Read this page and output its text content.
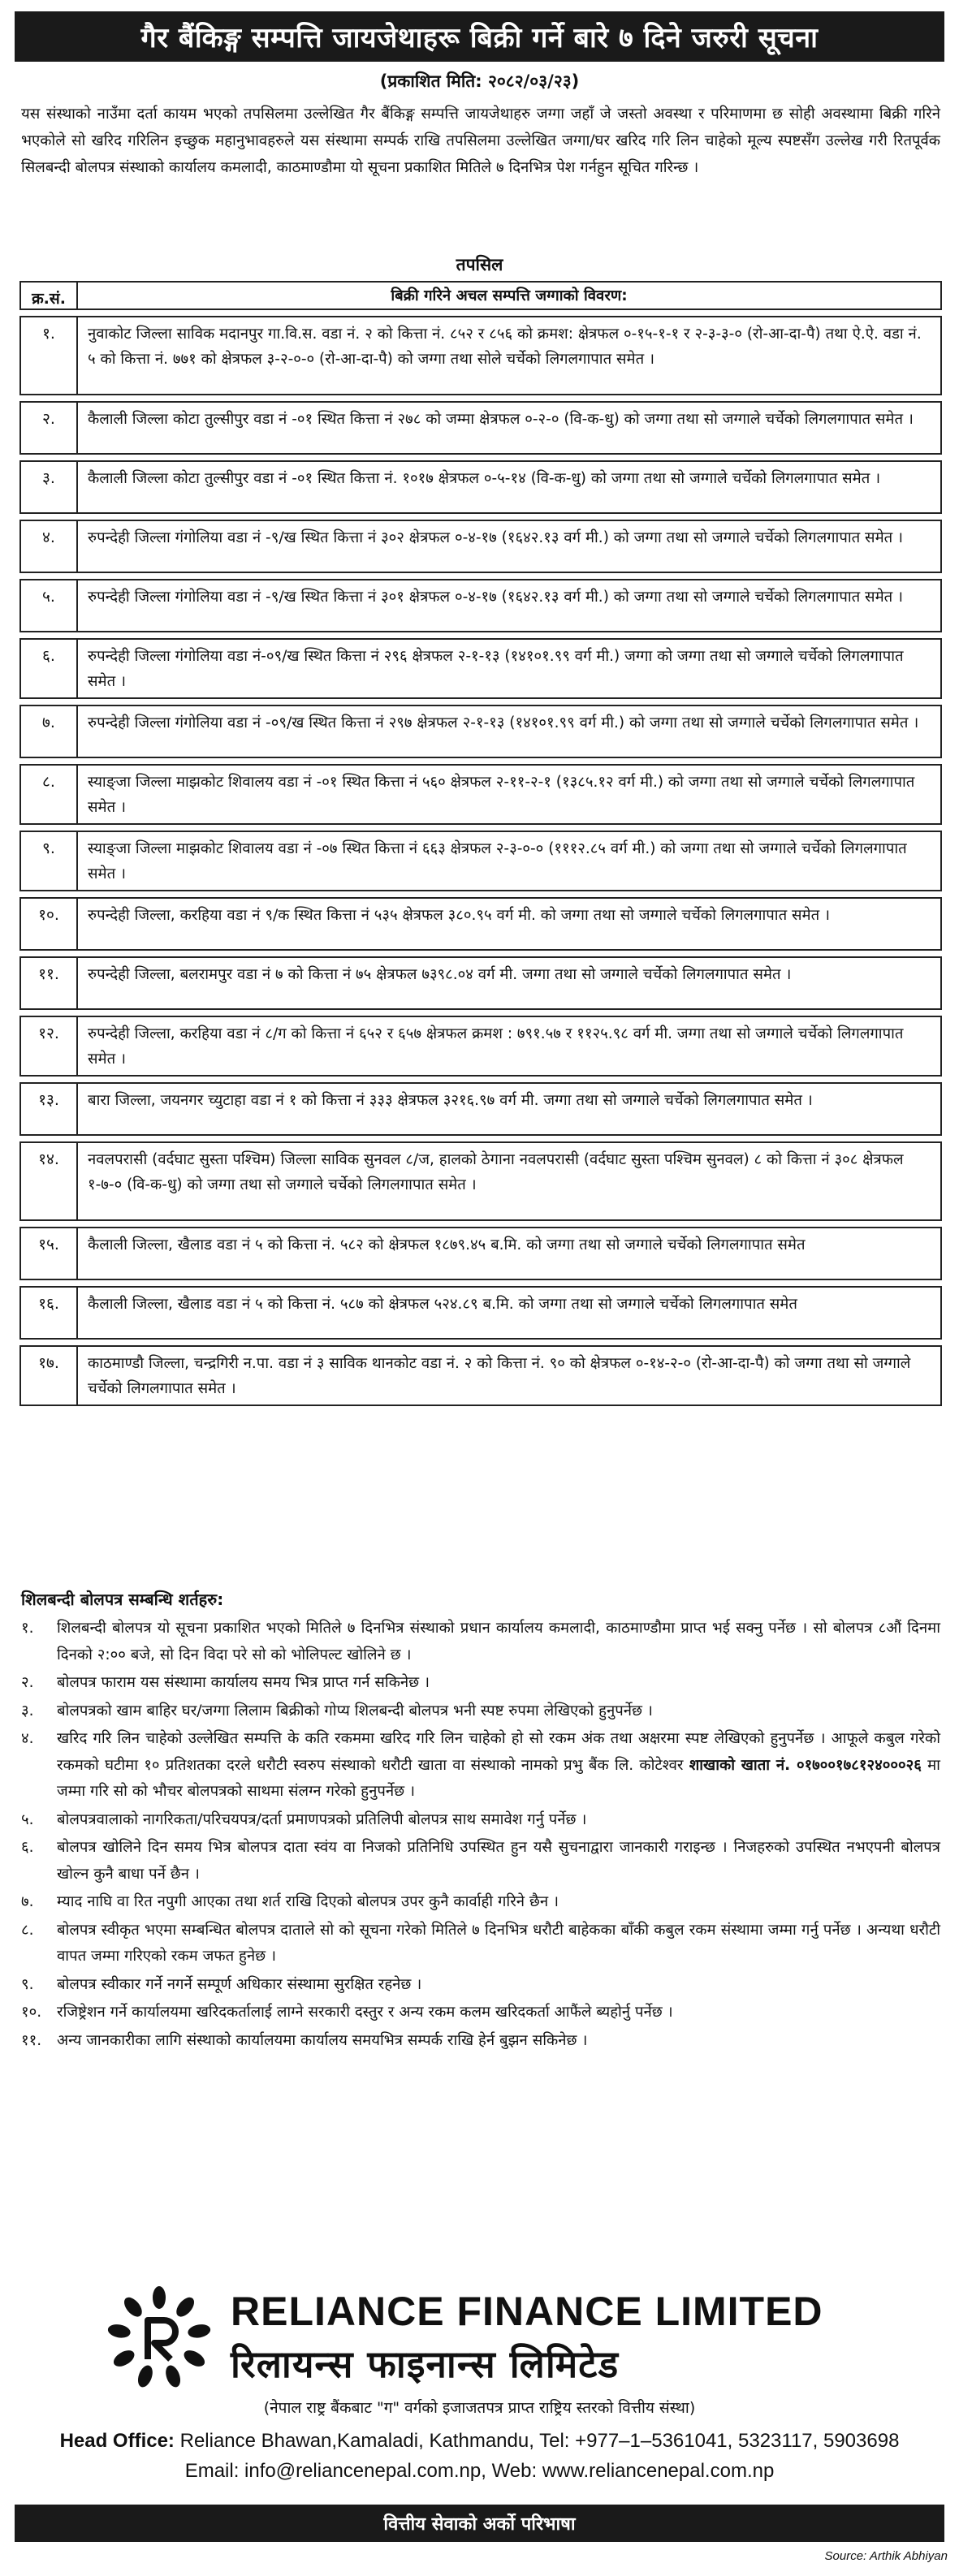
गैर बैंकिङ्ग सम्पत्ति जायजेथाहरू बिक्री गर्ने बारे ७ दिने जरुरी सूचना
(प्रकाशित मिति: २०८२/०३/२३)
यस संस्थाको नाउँमा दर्ता कायम भएको तपसिलमा उल्लेखित गैर बैंकिङ्ग सम्पत्ति जायजेथाहरु जग्गा जहाँ जे जस्तो अवस्था र परिमाणमा छ सोही अवस्थामा बिक्री गरिने भएकोले सो खरिद गरिलिन इच्छुक महानुभावहरुले यस संस्थामा सम्पर्क राखि तपसिलमा उल्लेखित जग्गा/घर खरिद गरि लिन चाहेको मूल्य स्पष्टसँग उल्लेख गरी रितपूर्वक सिलबन्दी बोलपत्र संस्थाको कार्यालय कमलादी, काठमाण्डौमा यो सूचना प्रकाशित मितिले ७ दिनभित्र पेश गर्नहुन सूचित गरिन्छ ।
तपसिल
क्र.सं.	बिक्री गरिने अचल सम्पत्ति जग्गाको विवरण:
१.	नुवाकोट जिल्ला साविक मदानपुर गा.वि.स. वडा नं. २ को कित्ता नं. ८५२ र ८५६ को क्रमश: क्षेत्रफल ०-१५-१-१ र २-३-३-० (रो-आ-दा-पै) तथा ऐ.ऐ. वडा नं. ५ को कित्ता नं. ७७१ को क्षेत्रफल ३-२-०-० (रो-आ-दा-पै) को जग्गा तथा सोले चर्चेको लिगलगापात समेत ।
२.	कैलाली जिल्ला कोटा तुल्सीपुर वडा नं -०१ स्थित कित्ता नं २७८ को जम्मा क्षेत्रफल ०-२-० (वि-क-धु) को जग्गा तथा सो जग्गाले चर्चेको लिगलगापात समेत ।
३.	कैलाली जिल्ला कोटा तुल्सीपुर वडा नं -०१ स्थित कित्ता नं. १०१७ क्षेत्रफल ०-५-१४ (वि-क-धु) को जग्गा तथा सो जग्गाले चर्चेको लिगलगापात समेत ।
४.	रुपन्देही जिल्ला गंगोलिया वडा नं -९/ख स्थित कित्ता नं ३०२ क्षेत्रफल ०-४-१७ (१६४२.१३ वर्ग मी.) को जग्गा तथा सो जग्गाले चर्चेको लिगलगापात समेत ।
५.	रुपन्देही जिल्ला गंगोलिया वडा नं -९/ख स्थित कित्ता नं ३०१ क्षेत्रफल ०-४-१७ (१६४२.१३ वर्ग मी.) को जग्गा तथा सो जग्गाले चर्चेको लिगलगापात समेत ।
६.	रुपन्देही जिल्ला गंगोलिया वडा नं-०९/ख स्थित कित्ता नं २९६ क्षेत्रफल २-१-१३ (१४१०१.९९ वर्ग मी.) जग्गा को जग्गा तथा सो जग्गाले चर्चेको लिगलगापात समेत ।
७.	रुपन्देही जिल्ला गंगोलिया वडा नं -०९/ख स्थित कित्ता नं २९७ क्षेत्रफल २-१-१३ (१४१०१.९९ वर्ग मी.) को जग्गा तथा सो जग्गाले चर्चेको लिगलगापात समेत ।
८.	स्याङ्जा जिल्ला माझकोट शिवालय वडा नं -०१ स्थित कित्ता नं ५६० क्षेत्रफल २-११-२-१ (१३८५.१२ वर्ग मी.) को जग्गा तथा सो जग्गाले चर्चेको लिगलगापात समेत ।
९.	स्याङ्जा जिल्ला माझकोट शिवालय वडा नं -०७ स्थित कित्ता नं ६६३ क्षेत्रफल २-३-०-० (१११२.८५ वर्ग मी.) को जग्गा तथा सो जग्गाले चर्चेको लिगलगापात समेत ।
१०.	रुपन्देही जिल्ला, करहिया वडा नं ९/क स्थित कित्ता नं ५३५ क्षेत्रफल ३८०.९५ वर्ग मी. को जग्गा तथा सो जग्गाले चर्चेको लिगलगापात समेत ।
११.	रुपन्देही जिल्ला, बलरामपुर वडा नं ७ को कित्ता नं ७५ क्षेत्रफल ७३९८.०४ वर्ग मी. जग्गा तथा सो जग्गाले चर्चेको लिगलगापात समेत ।
१२.	रुपन्देही जिल्ला, करहिया वडा नं ८/ग को कित्ता नं ६५२ र ६५७ क्षेत्रफल क्रमश : ७९१.५७ र ११२५.९८ वर्ग मी. जग्गा तथा सो जग्गाले चर्चेको लिगलगापात समेत ।
१३.	बारा जिल्ला, जयनगर च्युटाहा वडा नं १ को कित्ता नं ३३३ क्षेत्रफल ३२१६.९७ वर्ग मी. जग्गा तथा सो जग्गाले चर्चेको लिगलगापात समेत ।
१४.	नवलपरासी (वर्दघाट सुस्ता पश्चिम) जिल्ला साविक सुनवल ८/ज, हालको ठेगाना नवलपरासी (वर्दघाट सुस्ता पश्चिम सुनवल) ८ को कित्ता नं ३०८ क्षेत्रफल १-७-० (वि-क-धु) को जग्गा तथा सो जग्गाले चर्चेको लिगलगापात समेत ।
१५.	कैलाली जिल्ला, खैलाड वडा नं ५ को कित्ता नं. ५८२ को क्षेत्रफल १८७९.४५ ब.मि. को जग्गा तथा सो जग्गाले चर्चेको लिगलगापात समेत
१६.	कैलाली जिल्ला, खैलाड वडा नं ५ को कित्ता नं. ५८७ को क्षेत्रफल ५२४.८९ ब.मि. को जग्गा तथा सो जग्गाले चर्चेको लिगलगापात समेत
१७.	काठमाण्डौ जिल्ला, चन्द्रगिरी न.पा. वडा नं ३ साविक थानकोट वडा नं. २ को कित्ता नं. ९० को क्षेत्रफल ०-१४-२-० (रो-आ-दा-पै) को जग्गा तथा सो जग्गाले चर्चेको लिगलगापात समेत ।
शिलबन्दी बोलपत्र सम्बन्धि शर्तहरु:
१.	शिलबन्दी बोलपत्र यो सूचना प्रकाशित भएको मितिले ७ दिनभित्र संस्थाको प्रधान कार्यालय कमलादी, काठमाण्डौमा प्राप्त भई सक्नु पर्नेछ । सो बोलपत्र ८औं दिनमा दिनको २:०० बजे, सो दिन विदा परे सो को भोलिपल्ट खोलिने छ ।
२.	बोलपत्र फाराम यस संस्थामा कार्यालय समय भित्र प्राप्त गर्न सकिनेछ ।
३.	बोलपत्रको खाम बाहिर घर/जग्गा लिलाम बिक्रीको गोप्य शिलबन्दी बोलपत्र भनी स्पष्ट रुपमा लेखिएको हुनुपर्नेछ ।
४.	खरिद गरि लिन चाहेको उल्लेखित सम्पत्ति के कति रकममा खरिद गरि लिन चाहेको हो सो रकम अंक तथा अक्षरमा स्पष्ट लेखिएको हुनुपर्नेछ । आफूले कबुल गरेको रकमको घटीमा १० प्रतिशतका दरले धरौटी स्वरुप संस्थाको धरौटी खाता वा संस्थाको नामको प्रभु बैंक लि. कोटेश्वर शाखाको खाता नं. ०१७००१७८१२४०००२६ मा जम्मा गरि सो को भौचर बोलपत्रको साथमा संलग्न गरेको हुनुपर्नेछ ।
५.	बोलपत्रवालाको नागरिकता/परिचयपत्र/दर्ता प्रमाणपत्रको प्रतिलिपी बोलपत्र साथ समावेश गर्नु पर्नेछ ।
६.	बोलपत्र खोलिने दिन समय भित्र बोलपत्र दाता स्वंय वा निजको प्रतिनिधि उपस्थित हुन यसै सुचनाद्वारा जानकारी गराइन्छ । निजहरुको उपस्थित नभएपनी बोलपत्र खोल्न कुनै बाधा पर्ने छैन ।
७.	म्याद नाघि वा रित नपुगी आएका तथा शर्त राखि दिएको बोलपत्र उपर कुनै कार्वाही गरिने छैन ।
८.	बोलपत्र स्वीकृत भएमा सम्बन्धित बोलपत्र दाताले सो को सूचना गरेको मितिले ७ दिनभित्र धरौटी बाहेकका बाँकी कबुल रकम संस्थामा जम्मा गर्नु पर्नेछ । अन्यथा धरौटी वापत जम्मा गरिएको रकम जफत हुनेछ ।
९.	बोलपत्र स्वीकार गर्ने नगर्ने सम्पूर्ण अधिकार संस्थामा सुरक्षित रहनेछ ।
१०.	रजिष्ट्रेशन गर्ने कार्यालयमा खरिदकर्तालाई लाग्ने सरकारी दस्तुर र अन्य रकम कलम खरिदकर्ता आफैंले ब्यहोर्नु पर्नेछ ।
११.	अन्य जानकारीका लागि संस्थाको कार्यालयमा कार्यालय समयभित्र सम्पर्क राखि हेर्न बुझन सकिनेछ ।
RELIANCE FINANCE LIMITED
रिलायन्स फाइनान्स लिमिटेड
(नेपाल राष्ट्र बैंकबाट "ग" वर्गको इजाजतपत्र प्राप्त राष्ट्रिय स्तरको वित्तीय संस्था)
Head Office: Reliance Bhawan,Kamaladi, Kathmandu, Tel: +977–1–5361041, 5323117, 5903698
Email: info@reliancenepal.com.np, Web: www.reliancenepal.com.np
वित्तीय सेवाको अर्को परिभाषा
Source: Arthik Abhiyan
